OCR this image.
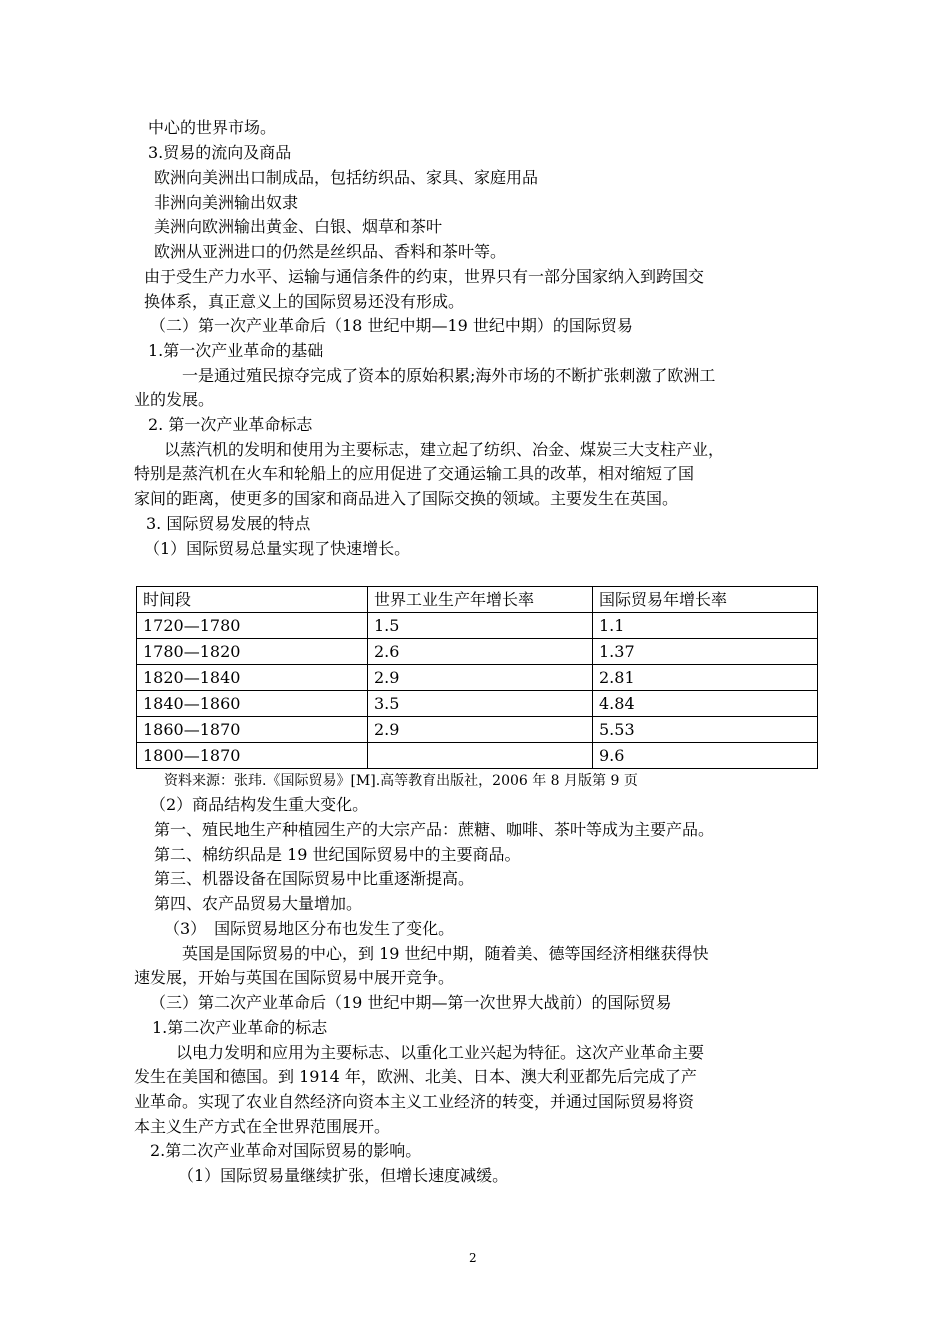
中心的世界市场。
3.贸易的流向及商品
欧洲向美洲出口制成品，包括纺织品、家具、家庭用品
非洲向美洲输出奴隶
美洲向欧洲输出黄金、白银、烟草和茶叶
欧洲从亚洲进口的仍然是丝织品、香料和茶叶等。
由于受生产力水平、运输与通信条件的约束，世界只有一部分国家纳入到跨国交
换体系，真正意义上的国际贸易还没有形成。
（二）第一次产业革命后（18 世纪中期—19 世纪中期）的国际贸易
1.第一次产业革命的基础
一是通过殖民掠夺完成了资本的原始积累;海外市场的不断扩张刺激了欧洲工
业的发展。
2. 第一次产业革命标志
以蒸汽机的发明和使用为主要标志，建立起了纺织、冶金、煤炭三大支柱产业，
特别是蒸汽机在火车和轮船上的应用促进了交通运输工具的改革，相对缩短了国
家间的距离，使更多的国家和商品进入了国际交换的领域。主要发生在英国。
3. 国际贸易发展的特点
（1）国际贸易总量实现了快速增长。
时间段	世界工业生产年增长率	国际贸易年增长率
1720—1780	1.5	1.1
1780—1820	2.6	1.37
1820—1840	2.9	2.81
1840—1860	3.5	4.84
1860—1870	2.9	5.53
1800—1870		9.6
资料来源：张玮.《国际贸易》[M].高等教育出版社，2006 年 8 月版第 9 页
（2）商品结构发生重大变化。
第一、殖民地生产种植园生产的大宗产品：蔗糖、咖啡、茶叶等成为主要产品。
第二、棉纺织品是 19 世纪国际贸易中的主要商品。
第三、机器设备在国际贸易中比重逐渐提高。
第四、农产品贸易大量增加。
（3）　国际贸易地区分布也发生了变化。
英国是国际贸易的中心，到 19 世纪中期，随着美、德等国经济相继获得快
速发展，开始与英国在国际贸易中展开竞争。
（三）第二次产业革命后（19 世纪中期—第一次世界大战前）的国际贸易
1.第二次产业革命的标志
以电力发明和应用为主要标志、以重化工业兴起为特征。这次产业革命主要
发生在美国和德国。到 1914 年，欧洲、北美、日本、澳大利亚都先后完成了产
业革命。实现了农业自然经济向资本主义工业经济的转变，并通过国际贸易将资
本主义生产方式在全世界范围展开。
2.第二次产业革命对国际贸易的影响。
（1）国际贸易量继续扩张，但增长速度减缓。
2
